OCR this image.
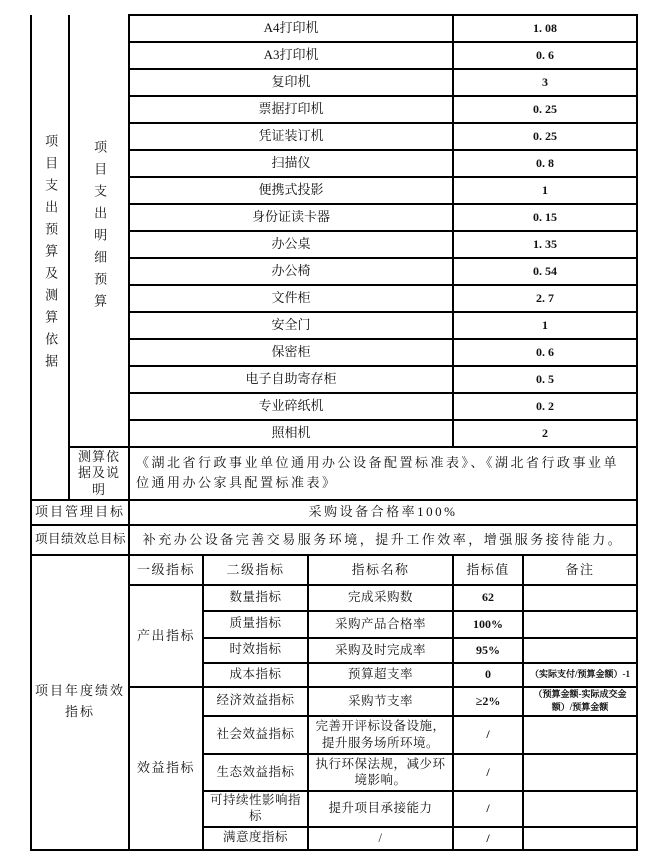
项目支出预算及测算依据	项目支出明细预算	A4打印机			1. 08	
		A3打印机			0. 6	
		复印机			3	
		票据打印机			0. 25	
		凭证装订机			0. 25	
		扫描仪			0. 8	
		便携式投影			1	
		身份证读卡器			0. 15	
		办公桌			1. 35	
		办公椅			0. 54	
		文件柜			2. 7	
		安全门			1	
		保密柜			0. 6	
		电子自助寄存柜			0. 5	
		专业碎纸机			0. 2	
		照相机			2	
	测算依据及说明	《湖北省行政事业单位通用办公设备配置标准表》、《湖北省行政事业单位通用办公家具配置标准表》				
项目管理目标		采购设备合格率100%				
项目绩效总目标		补充办公设备完善交易服务环境，提升工作效率，增强服务接待能力。				
项目年度绩效指标		一级指标	二级指标	指标名称	指标值	备注
		产出指标	数量指标	完成采购数	62	
			质量指标	采购产品合格率	100%	
			时效指标	采购及时完成率	95%	
			成本指标	预算超支率	0	（实际支付/预算金额）-1
		效益指标	经济效益指标	采购节支率	≥2%	（预算金额-实际成交金额）/预算金额
			社会效益指标	完善开评标设备设施，提升服务场所环境。	/	
			生态效益指标	执行环保法规，减少环境影响。	/	
			可持续性影响指标	提升项目承接能力	/	
			满意度指标	/	/	
